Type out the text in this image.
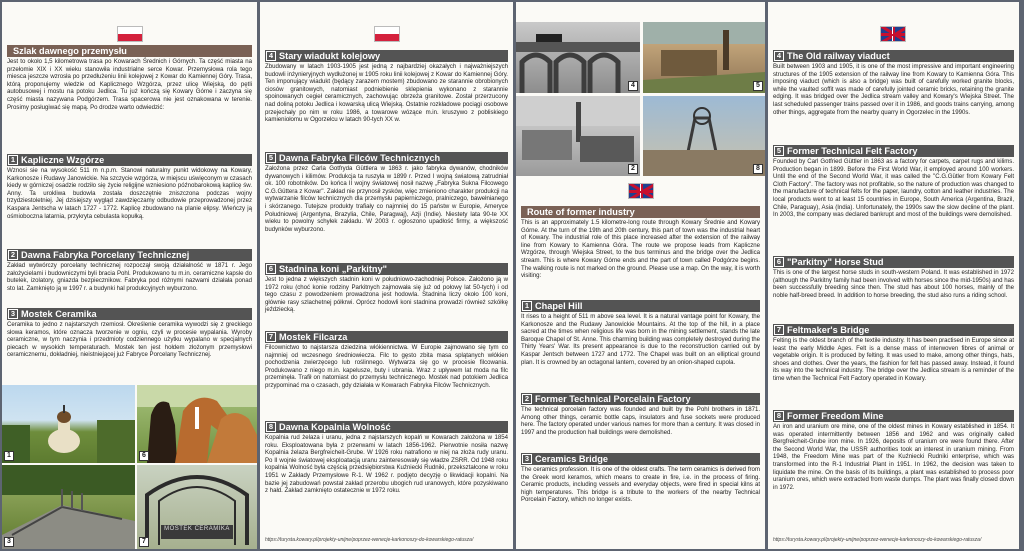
Szlak dawnego przemysłu
Jest to około 1,5 kilometrowa trasa po Kowarach Średnich i Górnych. Ta część miasta na przełomie XIX i XX wieku stanowiła industrialne serce Kowar. Przemysłowa rola tego miesca jeszcze wzrosła po przedłużeniu linii kolejowej z Kowar do Kamiennej Góry. Trasa, którą proponujemy wiedzie od Kaplicznego Wzgórza, przez ulicę Wiejską, do pętli autobusowej i mostu na potoku Jedlica. Tu już kończą się Kowary Górne i zaczyna się część miasta nazywana Podgórzem. Trasa spacerowa nie jest oznakowana w terenie. Prosimy posługiwać się mapą. Po drodze warto odwiedzić:
1 Kapliczne Wzgórze
Wznosi sie na wysokość 511 m n.p.m. Stanowi naturalny punkt widokowy na Kowary, Karkonosze i Rudawy Janowickie. Na szczycie wzgórza, w miejscu uświęconym w czasach kiedy w górniczej osadzie rodziło się życie religijne wzniesiono późnobarokową kaplicę św. Anny. Ta urokliwa budowla została doszczętnie zniszczona podczas wojny trzydziestoletniej. Jej dzisiejszy wygląd zawdzięczamy odbudowie przeprowadzonej przez Kaspara Jentscha w latach 1727 - 1772. Kaplicę zbudowano na planie elipsy. Wieńczy ją ośmioboczna latarnia, przykryta cebulasta kopułką.
2 Dawna Fabryka Porcelany Technicznej
Zakład wytwórczy porcelany technicznej rozpoczął swoją działalność w 1871 r. Jego założycielami i budowniczymi byli bracia Pohl. Produkowano tu m.in. ceramiczne kapsle do butelek, izolatory, gniazda bezpiecznikow. Fabryka pod różnymi nazwami działała ponad sto lat. Zamknięto ją w 1997 r. a budynki hal produkcyjnych wyburzono.
3 Mostek Ceramika
Ceramika to jedno z najstarszych rzemiosł. Określenie ceramika wywodzi się z greckiego słowa keramos, które oznacza tworzenie w ogniu, czyli w procesie wypalania. Wyroby ceramiczne, w tym naczynia i przedmioty codziennego użytku wypalano w specjalnych piecach w wysokich temperaturach. Mostek ten jest hołdem złożonym przemysłowi ceramicznemu, dokładniej, nieistniejącej już Fabryce Porcelany Technicznej.
1	6
3
MOSTEK CERAMIKA
7
4 Stary wiadukt kolejowy
Zbudowany w latach 1903-1905 jest jedną z najbardziej okazałych i najważniejszych budowli inżynieryjnych wydłużonej w 1905 roku linii kolejowej z Kowar do Kamiennej Góry. Ten imponujący wiadukt (będący zarazem mostem) zbudowano ze starannie obrobionych ciosów granitowych, natomiast podniebienie sklepienia wykonano z starannie spoinowanych cegieł ceramicznych, zachowując obrzeża granitowe. Został przerzucony nad doliną potoku Jedlica i kowarską ulicą Wiejską. Ostatnie rozkładowe pociągi osobowe przejechały po nim w roku 1986, a towarowe wózące m.in. kruszywo z pobliskiego kamieniołomu w Ogorzelcu w latach 90-tych XX w.
5 Dawna Fabryka Filców Technicznych
Założona przez Carla Gotfryda Güttlera w 1863 r. jako fabryka dywanów, chodników dywanowych i kilimów. Produkcja ta ruszyła w 1899 r. Przed I wojną światową zatrudniał ok. 100 robotników. Do końca II wojny światowej nosił nazwę „Fabryka Sukna Filcowego C.G.Güttera z Kowar". Zakład nie przynosił zysków, więc zmieniono charakter produkcji na wytwarzanie filców technicznych dla przemysłu papierniczego, pralniczego, bawełnianego i skórzanego. Tutejsze produkty trafiały co najmniej do 15 państw w Europie, Ameryce Południowej (Argentyna, Brazylia, Chile, Paragwaj), Azji (Indie). Niestety lata 90-te XX wieku to powolny schyłek zakładu. W 2003 r. ogłoszono upadłość firmy, a większość budynków wyburzono.
6 Stadnina koni „Parkitny"
Jest to jedna z większych stadnin koni w południowo-zachodniej Polsce. Założono ją w 1972 roku (choć konie rodziny Parkitnych zajmowała się już od połowy lat 50-tych) i od tego czasu z powodzeniem prowadzona jest hodowla. Stadnina liczy około 100 koni, głównie rasy szlachetnej półkrwi. Oprócz hodowli koni stadnina prowadzi również szkółkę jeździecką.
7 Mostek Filcarza
Filcownictwo to najstarsza dziedzina włókiennictwa. W Europie zajmowano się tym co najmniej od wczesnego średniowiecza. Filc to gęsto zbita masa splątanych włókien pochodzenia zwierzęcego lub roślinnego. Wytwarza się go w procesie filcowania. Produkowano z niego m.in. kapelusze, buty i ubrania. Wraz z upływem lat moda na filc przeminęła. Trafił on natomiast do przemysłu technicznego. Mostek nad potokiem Jedlica przypominać ma o czasach, gdy działała w Kowarach Fabryka Filców Technicznych.
8 Dawna Kopalnia Wolność
Kopalnia rud żelaza i uranu, jedna z najstarszych kopalń w Kowarach założona w 1854 roku. Eksploatowana była z przerwami w latach 1856-1962. Pierwotnie nosiła nazwę Kopalnia żelaza Bergfreicheit-Grube. W 1926 roku natrafiono w niej na złoża rudy uranu. Po II wojnie światowej eksploatacją uranu zainteresowały się władze ZSRR. Od 1948 roku kopalnia Wolność była częścią przedsiębiorstwa Kuźniecki Rudniki, przekształcone w roku 1951 w Zakłady Przemysłowe R-1. W 1962 r. podjęto decyzję o likwidacji kopalni. Na bazie jej zabudowań powstał zakład przerobu ubogich rud uranowych, które pozyskiwano z hałd. Zakład zamknięto ostatecznie w 1972 roku.
https://turysta.kowary.pl/projekty-unijne/poprzez-wenecje-karkonoszy-do-kowarskiego-ratusza/
4	5
2	8
Route of former industry
This is an approximately 1.5 kilometre-long route through Kowary Średnie and Kowary Górne. At the turn of the 19th and 20th century, this part of town was the industrial heart of Kowary. The industrial role of this place increased after the extension of the railway line from Kowary to Kamienna Góra. The route we propose leads from Kapliczne Wzgórze, through Wiejska Street, to the bus terminus and the bridge over the Jedlica stream. This is where Kowary Górne ends and the part of town called Podgórze begins. The walking route is not marked on the ground. Please use a map. On the way, it is worth visiting:
1 Chapel Hill
It rises to a height of 511 m above sea level. It is a natural vantage point for Kowary, the Karkonosze and the Rudawy Janowickie Mountains. At the top of the hill, in a place sacred at the times when religious life was born in the mining settlement, stands the late Baroque Chapel of St. Anne. This charming building was completely destroyed during the Thirty Years' War. Its present appearance is due to the reconstruction carried out by Kaspar Jentsch between 1727 and 1772. The Chapel was built on an elliptical ground plan. It is crowned by an octagonal lantern, covered by an onion-shaped cupola.
2 Former Technical Porcelain Factory
The technical porcelain factory was founded and built by the Pohl brothers in 1871. Among other things, ceramic bottle caps, insulators and fuse sockets were produced here. The factory operated under various names for more than a century. It was closed in 1997 and the production hall buildings were demolished.
3 Ceramics Bridge
The ceramics profession. It is one of the oldest crafts. The term ceramics is derived from the Greek word keramos, which means to create in fire, i.e. in the process of firing. Ceramic products, including vessels and everyday objects, were fired in special kilns at high temperatures. This bridge is a tribute to the workers of the nearby Technical Porcelain Factory, which no longer exists.
4 The Old railway viaduct
Built between 1903 and 1905, it is one of the most impressive and important engineering structures of the 1905 extension of the railway line from Kowary to Kamienna Góra. This imposing viaduct (which is also a bridge) was built of carefully worked granite blocks, while the vaulted soffit was made of carefully jointed ceramic bricks, retaining the granite edging. It was bridged over the Jedlica stream valley and Kowary's Wiejska Street. The last scheduled passenger trains passed over it in 1986, and goods trains carrying, among other things, aggregate from the nearby quarry in Ogorzelec in the 1990s.
5 Former Technical Felt Factory
Founded by Carl Gotfried Güttler in 1863 as a factory for carpets, carpet rugs and kilims. Production began in 1899. Before the First World War, it employed around 100 workers. Until the end of the Second World War, it was called the "C.G.Gütler from Kowary Felt Cloth Factory". The factory was not profitable, so the nature of production was changed to the manufacture of technical felts for the paper, laundry, cotton and leather industries. The local products went to at least 15 countries in Europe, South America (Argentina, Brazil, Chile, Paraguay), Asia (India). Unfortunately, the 1990s saw the slow decline of the plant. In 2003, the company was declared bankrupt and most of the buildings were demolished.
6 "Parkitny" Horse Stud
This is one of the largest horse studs in south-western Poland. It was established in 1972 (although the Parkitny family had been involved with horses since the mid-1950s) and has been successfully breeding since then. The stud has about 100 horses, mainly of the noble half-breed breed. In addition to horse breeding, the stud also runs a riding school.
7 Feltmaker's Bridge
Felting is the oldest branch of the textile industry. It has been practised in Europe since at least the early Middle Ages. Felt is a dense mass of interwoven fibres of animal or vegetable origin. It is produced by felting. It was used to make, among other things, hats, shoes and clothes. Over the years, the fashion for felt has passed away. Instead, it found its way into the technical industry. The bridge over the Jedlica stream is a reminder of the time when the Technical Felt Factory operated in Kowary.
8 Former Freedom Mine
An iron and uranium ore mine, one of the oldest mines in Kowary established in 1854. It was operated intermittently between 1856 and 1962 and was originally called Bergfreicheit-Grube iron mine. In 1926, deposits of uranium ore were found there. After the Second World War, the USSR authorities took an interest in uranium mining. From 1948, the Freedom Mine was part of the Kuźniecki Rudniki enterprise, which was transformed into the R-1 Industrial Plant in 1951. In 1962, the decision was taken to liquidate the mine. On the basis of its buildings, a plant was established to process poor uranium ores, which were extracted from waste dumps. The plant was finally closed down in 1972.
https://turysta.kowary.pl/projekty-unijne/poprzez-wenecje-karkonoszy-do-kowarskiego-ratusza/
